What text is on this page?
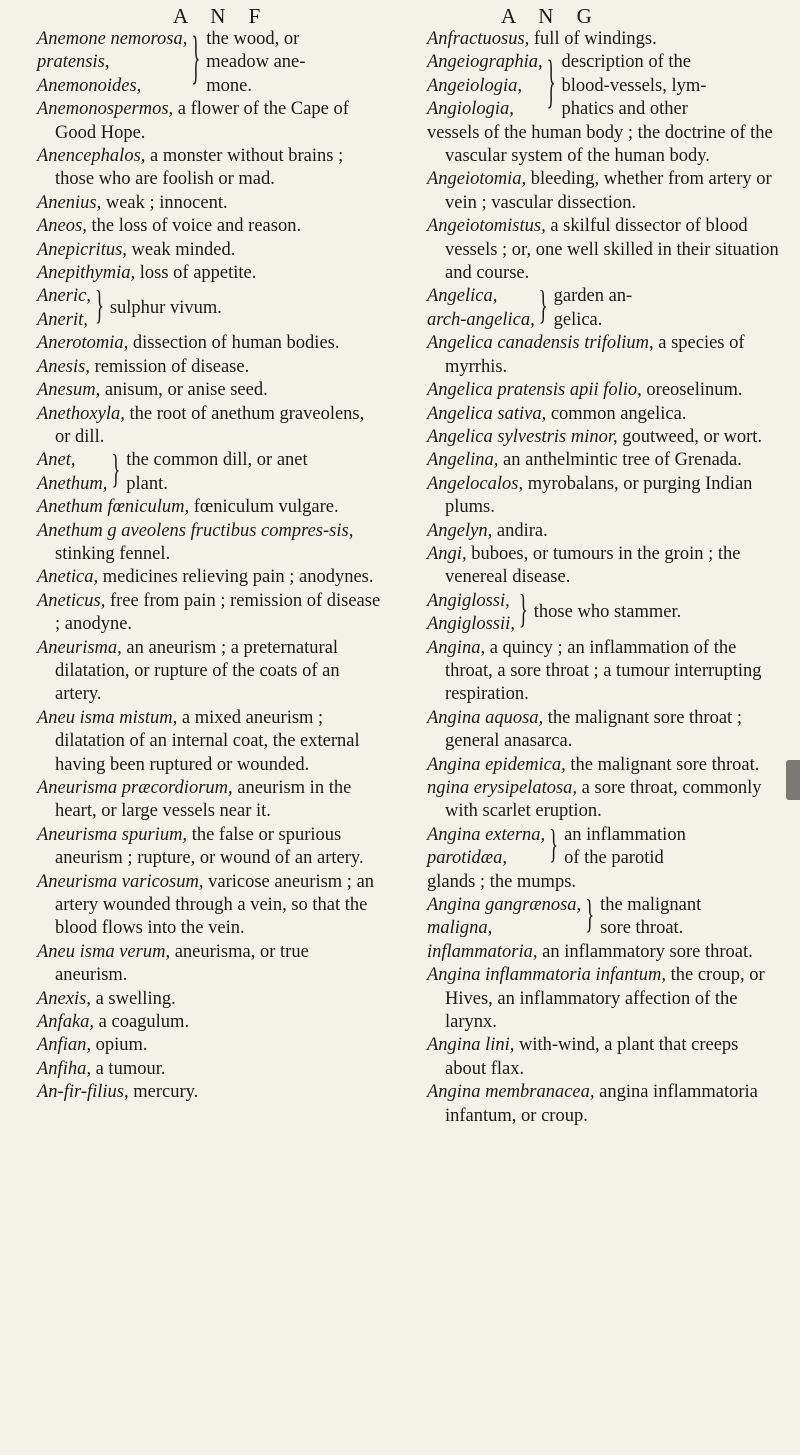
A N F	A N G
Anemone nemorosa,
pratensis,
Anemonoides,	} the wood, or
meadow ane-
mone.

Anemonospermos, a flower of the Cape of Good Hope.

Anencephalos, a monster without brains ; those who are foolish or mad.

Anenius, weak ; innocent.

Aneos, the loss of voice and reason.

Anepicritus, weak minded.

Anepithymia, loss of appetite.

Aneric,
Anerit, } sulphur vivum.

Anerotomia, dissection of human bodies.

Anesis, remission of disease.

Anesum, anisum, or anise seed.

Anethoxyla, the root of anethum graveolens, or dill.

Anet,
Anethum, } the common dill, or anet
plant.

Anethum fœniculum, fœniculum vulgare.

Anethum g aveolens fructibus compres-sis, stinking fennel.

Anetica, medicines relieving pain ; anodynes.

Aneticus, free from pain ; remission of disease ; anodyne.

Aneurisma, an aneurism ; a preternatural dilatation, or rupture of the coats of an artery.

Aneu isma mistum, a mixed aneurism ; dilatation of an internal coat, the external having been ruptured or wounded.

Aneurisma præcordiorum, aneurism in the heart, or large vessels near it.

Aneurisma spurium, the false or spurious aneurism ; rupture, or wound of an artery.

Aneurisma varicosum, varicose aneurism ; an artery wounded through a vein, so that the blood flows into the vein.

Aneu isma verum, aneurisma, or true aneurism.

Anexis, a swelling.

Anfaka, a coagulum.

Anfian, opium.

Anfiha, a tumour.

An-fir-filius, mercury.

Anfractuosus, full of windings.

Angeiographia,
Angeiologia,
Angiologia,	} description of the
blood-vessels, lym-
phatics and other

vessels of the human body ; the doctrine of the vascular system of the human body.

Angeiotomia, bleeding, whether from artery or vein ; vascular dissection.

Angeiotomistus, a skilful dissector of blood vessels ; or, one well skilled in their situation and course.

Angelica,
arch-angelica, } garden an-
gelica.

Angelica canadensis trifolium, a species of myrrhis.

Angelica pratensis apii folio, oreoselinum.

Angelica sativa, common angelica.

Angelica sylvestris minor, goutweed, or wort.

Angelina, an anthelmintic tree of Grenada.

Angelocalos, myrobalans, or purging Indian plums.

Angelyn, andira.

Angi, buboes, or tumours in the groin ; the venereal disease.

Angiglossi,
Angiglossii, } those who stammer.

Angina, a quincy ; an inflammation of the throat, a sore throat ; a tumour interrupting respiration.

Angina aquosa, the malignant sore throat ; general anasarca.

Angina epidemica, the malignant sore throat.

ngina erysipelatosa, a sore throat, commonly with scarlet eruption.

Angina externa,
parotidæa,	} an inflammation
of the parotid

glands ; the mumps.

Angina gangrænosa,
maligna,	} the malignant
sore throat.

inflammatoria, an inflammatory sore throat.

Angina inflammatoria infantum, the croup, or Hives, an inflammatory affection of the larynx.

Angina lini, with-wind, a plant that creeps about flax.

Angina membranacea, angina inflammatoria infantum, or croup.
